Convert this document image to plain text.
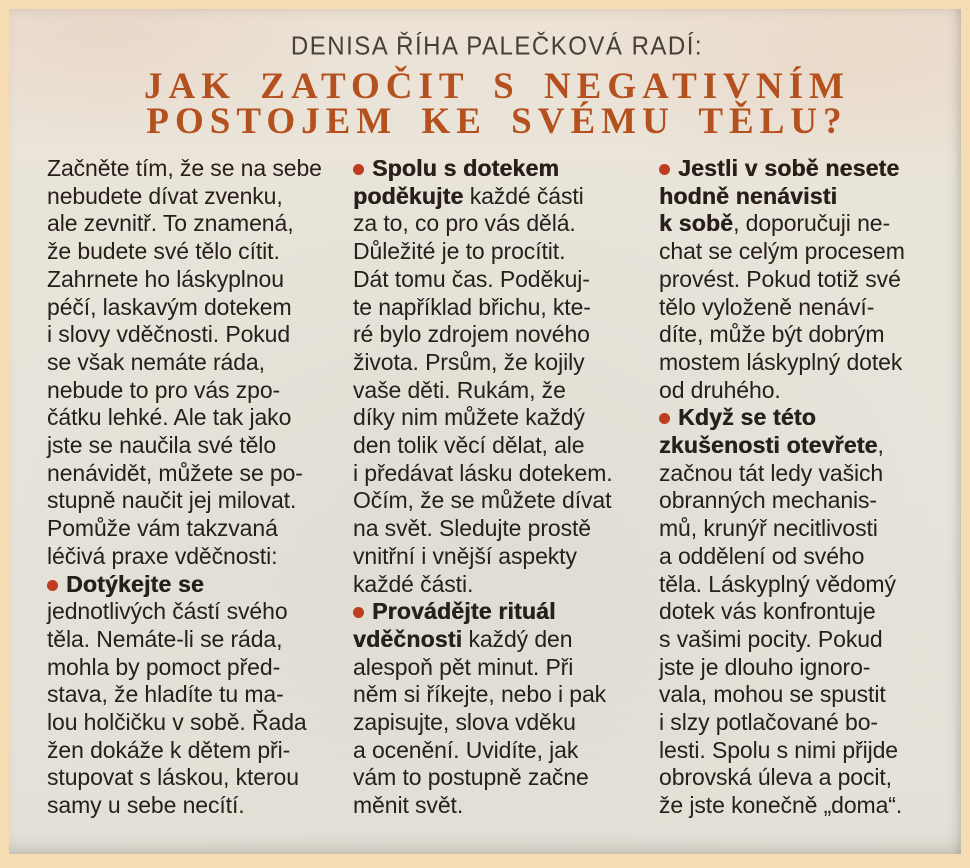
DENISA ŘÍHA PALEČKOVÁ RADÍ:
JAK ZATOČIT S NEGATIVNÍM
POSTOJEM KE SVÉMU TĚLU?
Začněte tím, že se na sebe
nebudete dívat zvenku,
ale zevnitř. To znamená,
že budete své tělo cítit.
Zahrnete ho láskyplnou
péčí, laskavým dotekem
i slovy vděčnosti. Pokud
se však nemáte ráda,
nebude to pro vás zpo-
čátku lehké. Ale tak jako
jste se naučila své tělo
nenávidět, můžete se po-
stupně naučit jej milovat.
Pomůže vám takzvaná
léčivá praxe vděčnosti:
Dotýkejte se
jednotlivých částí svého
těla. Nemáte-li se ráda,
mohla by pomoct před-
stava, že hladíte tu ma-
lou holčičku v sobě. Řada
žen dokáže k dětem při-
stupovat s láskou, kterou
samy u sebe necítí.
Spolu s dotekem
poděkujte každé části
za to, co pro vás dělá.
Důležité je to procítit.
Dát tomu čas. Poděkuj-
te například břichu, kte-
ré bylo zdrojem nového
života. Prsům, že kojily
vaše děti. Rukám, že
díky nim můžete každý
den tolik věcí dělat, ale
i předávat lásku dotekem.
Očím, že se můžete dívat
na svět. Sledujte prostě
vnitřní i vnější aspekty
každé části.
Provádějte rituál
vděčnosti každý den
alespoň pět minut. Při
něm si říkejte, nebo i pak
zapisujte, slova vděku
a ocenění. Uvidíte, jak
vám to postupně začne
měnit svět.
Jestli v sobě nesete
hodně nenávisti
k sobě, doporučuji ne-
chat se celým procesem
provést. Pokud totiž své
tělo vyloženě nenáví-
díte, může být dobrým
mostem láskyplný dotek
od druhého.
Když se této
zkušenosti otevřete,
začnou tát ledy vašich
obranných mechanis-
mů, krunýř necitlivosti
a oddělení od svého
těla. Láskyplný vědomý
dotek vás konfrontuje
s vašimi pocity. Pokud
jste je dlouho ignoro-
vala, mohou se spustit
i slzy potlačované bo-
lesti. Spolu s nimi přijde
obrovská úleva a pocit,
že jste konečně „doma“.
